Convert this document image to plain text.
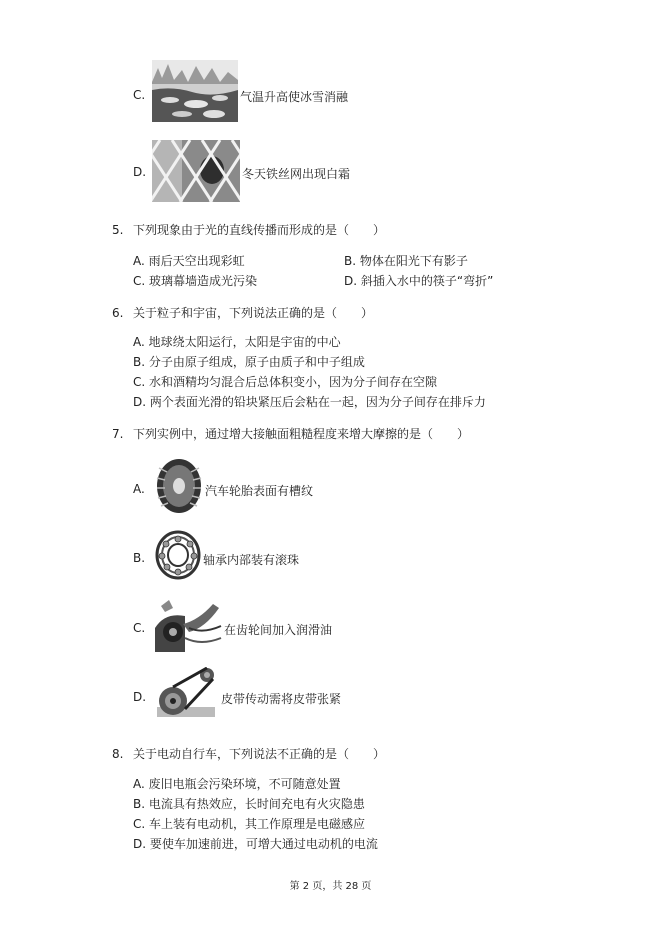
C.	气温升高使冰雪消融
D.	冬天铁丝网出现白霜
5. 下列现象由于光的直线传播而形成的是（　　）
A. 雨后天空出现彩虹	B. 物体在阳光下有影子
C. 玻璃幕墙造成光污染	D. 斜插入水中的筷子“弯折”
6. 关于粒子和宇宙，下列说法正确的是（　　）
A. 地球绕太阳运行，太阳是宇宙的中心
B. 分子由原子组成，原子由质子和中子组成
C. 水和酒精均匀混合后总体积变小，因为分子间存在空隙
D. 两个表面光滑的铅块紧压后会粘在一起，因为分子间存在排斥力
7. 下列实例中，通过增大接触面粗糙程度来增大摩擦的是（　　）
A.	汽车轮胎表面有槽纹
B.	轴承内部装有滚珠
C.	在齿轮间加入润滑油
D.	皮带传动需将皮带张紧
8. 关于电动自行车，下列说法不正确的是（　　）
A. 废旧电瓶会污染环境，不可随意处置
B. 电流具有热效应，长时间充电有火灾隐患
C. 车上装有电动机，其工作原理是电磁感应
D. 要使车加速前进，可增大通过电动机的电流
第 2 页，共 28 页
